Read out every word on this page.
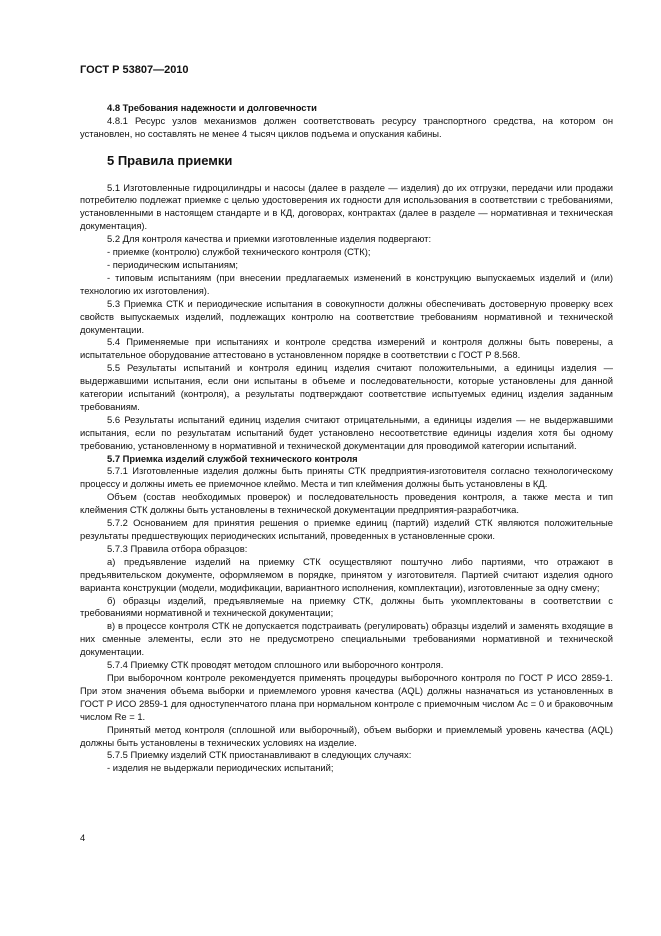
ГОСТ Р 53807—2010
4.8 Требования надежности и долговечности

4.8.1 Ресурс узлов механизмов должен соответствовать ресурсу транспортного средства, на котором он установлен, но составлять не менее 4 тысяч циклов подъема и опускания кабины.

5 Правила приемки

5.1 Изготовленные гидроцилиндры и насосы (далее в разделе — изделия) до их отгрузки, передачи или продажи потребителю подлежат приемке с целью удостоверения их годности для использования в соответствии с требованиями, установленными в настоящем стандарте и в КД, договорах, контрактах (далее в разделе — нормативная и техническая документация).

5.2 Для контроля качества и приемки изготовленные изделия подвергают:

- приемке (контролю) службой технического контроля (СТК);

- периодическим испытаниям;

- типовым испытаниям (при внесении предлагаемых изменений в конструкцию выпускаемых изделий и (или) технологию их изготовления).

5.3 Приемка СТК и периодические испытания в совокупности должны обеспечивать достоверную проверку всех свойств выпускаемых изделий, подлежащих контролю на соответствие требованиям нормативной и технической документации.

5.4 Применяемые при испытаниях и контроле средства измерений и контроля должны быть поверены, а испытательное оборудование аттестовано в установленном порядке в соответствии с ГОСТ Р 8.568.

5.5 Результаты испытаний и контроля единиц изделия считают положительными, а единицы изделия — выдержавшими испытания, если они испытаны в объеме и последовательности, которые установлены для данной категории испытаний (контроля), а результаты подтверждают соответствие испытуемых единиц изделия заданным требованиям.

5.6 Результаты испытаний единиц изделия считают отрицательными, а единицы изделия — не выдержавшими испытания, если по результатам испытаний будет установлено несоответствие единицы изделия хотя бы одному требованию, установленному в нормативной и технической документации для проводимой категории испытаний.

5.7 Приемка изделий службой технического контроля

5.7.1 Изготовленные изделия должны быть приняты СТК предприятия-изготовителя согласно технологическому процессу и должны иметь ее приемочное клеймо. Места и тип клеймения должны быть установлены в КД.

Объем (состав необходимых проверок) и последовательность проведения контроля, а также места и тип клеймения СТК должны быть установлены в технической документации предприятия-разработчика.

5.7.2 Основанием для принятия решения о приемке единиц (партий) изделий СТК являются положительные результаты предшествующих периодических испытаний, проведенных в установленные сроки.

5.7.3 Правила отбора образцов:

а) предъявление изделий на приемку СТК осуществляют поштучно либо партиями, что отражают в предъявительском документе, оформляемом в порядке, принятом у изготовителя. Партией считают изделия одного варианта конструкции (модели, модификации, вариантного исполнения, комплектации), изготовленные за одну смену;

б) образцы изделий, предъявляемые на приемку СТК, должны быть укомплектованы в соответствии с требованиями нормативной и технической документации;

в) в процессе контроля СТК не допускается подстраивать (регулировать) образцы изделий и заменять входящие в них сменные элементы, если это не предусмотрено специальными требованиями нормативной и технической документации.

5.7.4 Приемку СТК проводят методом сплошного или выборочного контроля.

При выборочном контроле рекомендуется применять процедуры выборочного контроля по ГОСТ Р ИСО 2859-1. При этом значения объема выборки и приемлемого уровня качества (AQL) должны назначаться из установленных в ГОСТ Р ИСО 2859-1 для одноступенчатого плана при нормальном контроле с приемочным числом Ac = 0 и браковочным числом Re = 1.

Принятый метод контроля (сплошной или выборочный), объем выборки и приемлемый уровень качества (AQL) должны быть установлены в технических условиях на изделие.

5.7.5 Приемку изделий СТК приостанавливают в следующих случаях:

- изделия не выдержали периодических испытаний;

4
